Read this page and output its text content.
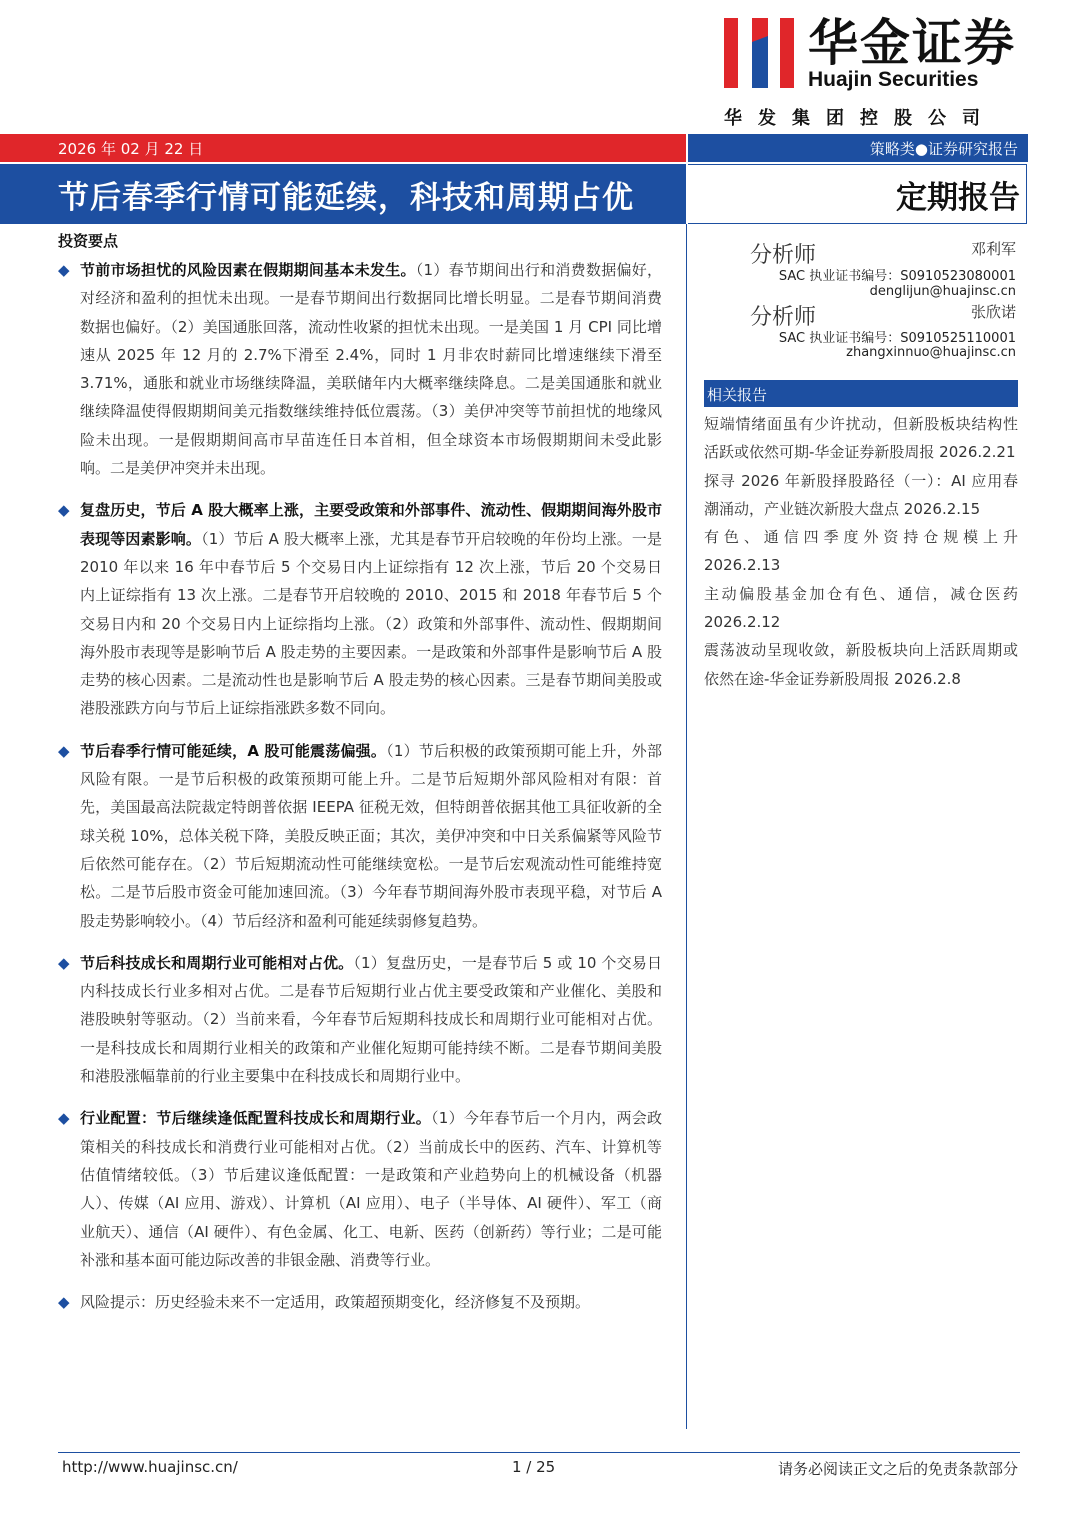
华金证券
Huajin Securities
华发集团控股公司
2026 年 02 月 22 日	策略类●证券研究报告
节后春季行情可能延续，科技和周期占优	定期报告
投资要点
◆ 节前市场担忧的风险因素在假期期间基本未发生。（1）春节期间出行和消费数据偏好，对经济和盈利的担忧未出现。一是春节期间出行数据同比增长明显。二是春节期间消费数据也偏好。（2）美国通胀回落，流动性收紧的担忧未出现。一是美国 1 月 CPI 同比增速从 2025 年 12 月的 2.7%下滑至 2.4%，同时 1 月非农时薪同比增速继续下滑至 3.71%，通胀和就业市场继续降温，美联储年内大概率继续降息。二是美国通胀和就业继续降温使得假期期间美元指数继续维持低位震荡。（3）美伊冲突等节前担忧的地缘风险未出现。一是假期期间高市早苗连任日本首相，但全球资本市场假期期间未受此影响。二是美伊冲突并未出现。
◆ 复盘历史，节后 A 股大概率上涨，主要受政策和外部事件、流动性、假期期间海外股市表现等因素影响。（1）节后 A 股大概率上涨，尤其是春节开启较晚的年份均上涨。一是 2010 年以来 16 年中春节后 5 个交易日内上证综指有 12 次上涨，节后 20 个交易日内上证综指有 13 次上涨。二是春节开启较晚的 2010、2015 和 2018 年春节后 5 个交易日内和 20 个交易日内上证综指均上涨。（2）政策和外部事件、流动性、假期期间海外股市表现等是影响节后 A 股走势的主要因素。一是政策和外部事件是影响节后 A 股走势的核心因素。二是流动性也是影响节后 A 股走势的核心因素。三是春节期间美股或港股涨跌方向与节后上证综指涨跌多数不同向。
◆ 节后春季行情可能延续，A 股可能震荡偏强。（1）节后积极的政策预期可能上升，外部风险有限。一是节后积极的政策预期可能上升。二是节后短期外部风险相对有限：首先，美国最高法院裁定特朗普依据 IEEPA 征税无效，但特朗普依据其他工具征收新的全球关税 10%，总体关税下降，美股反映正面；其次，美伊冲突和中日关系偏紧等风险节后依然可能存在。（2）节后短期流动性可能继续宽松。一是节后宏观流动性可能维持宽松。二是节后股市资金可能加速回流。（3）今年春节期间海外股市表现平稳，对节后 A 股走势影响较小。（4）节后经济和盈利可能延续弱修复趋势。
◆ 节后科技成长和周期行业可能相对占优。（1）复盘历史，一是春节后 5 或 10 个交易日内科技成长行业多相对占优。二是春节后短期行业占优主要受政策和产业催化、美股和港股映射等驱动。（2）当前来看，今年春节后短期科技成长和周期行业可能相对占优。一是科技成长和周期行业相关的政策和产业催化短期可能持续不断。二是春节期间美股和港股涨幅靠前的行业主要集中在科技成长和周期行业中。
◆ 行业配置：节后继续逢低配置科技成长和周期行业。（1）今年春节后一个月内，两会政策相关的科技成长和消费行业可能相对占优。（2）当前成长中的医药、汽车、计算机等估值情绪较低。（3）节后建议逢低配置：一是政策和产业趋势向上的机械设备（机器人）、传媒（AI 应用、游戏）、计算机（AI 应用）、电子（半导体、AI 硬件）、军工（商业航天）、通信（AI 硬件）、有色金属、化工、电新、医药（创新药）等行业；二是可能补涨和基本面可能边际改善的非银金融、消费等行业。
◆ 风险提示：历史经验未来不一定适用，政策超预期变化，经济修复不及预期。
分析师	邓利军
SAC 执业证书编号：S0910523080001
denglijun@huajinsc.cn
分析师	张欣诺
SAC 执业证书编号：S0910525110001
zhangxinnuo@huajinsc.cn
相关报告
短端情绪面虽有少许扰动，但新股板块结构性活跃或依然可期-华金证券新股周报 2026.2.21
探寻 2026 年新股择股路径（一）：AI 应用春潮涌动，产业链次新股大盘点 2026.2.15
有色、通信四季度外资持仓规模上升 2026.2.13
主动偏股基金加仓有色、通信，减仓医药 2026.2.12
震荡波动呈现收敛，新股板块向上活跃周期或依然在途-华金证券新股周报 2026.2.8
http://www.huajinsc.cn/	1 / 25	请务必阅读正文之后的免责条款部分
